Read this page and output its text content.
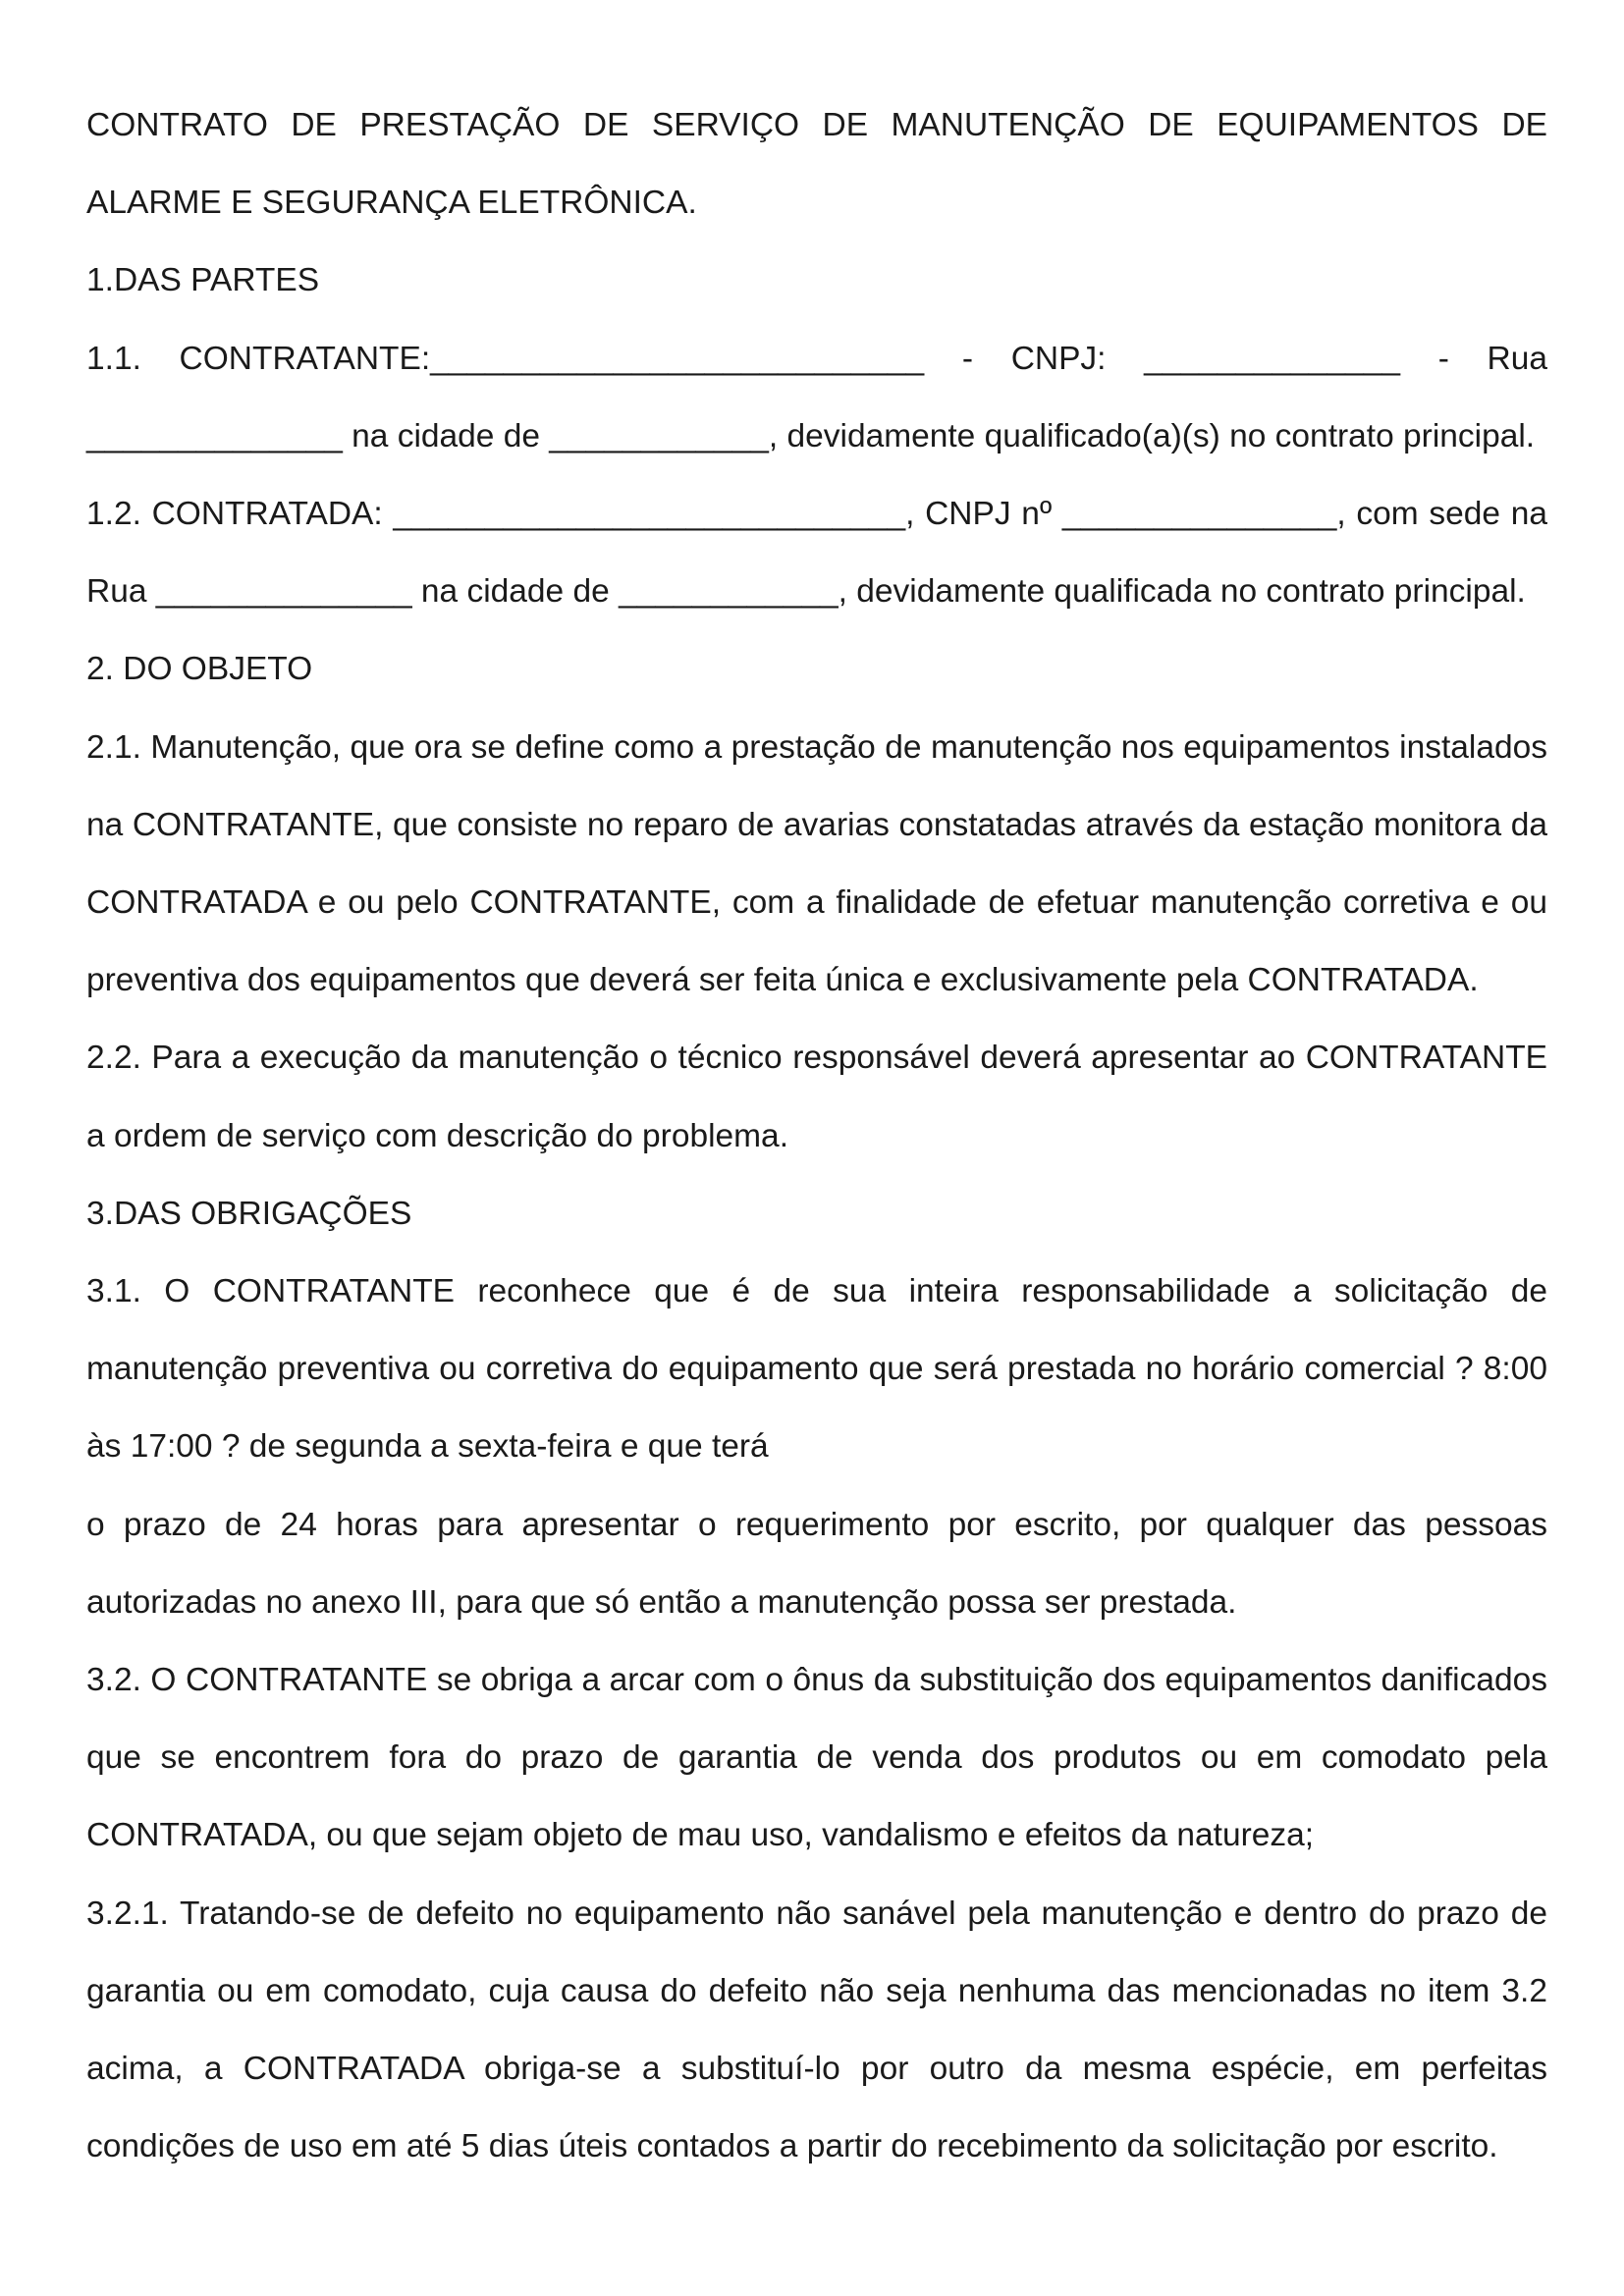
CONTRATO DE PRESTAÇÃO DE SERVIÇO DE MANUTENÇÃO DE EQUIPAMENTOS DE ALARME E SEGURANÇA ELETRÔNICA.

1.DAS PARTES

1.1.    CONTRATANTE:___________________________    -    CNPJ:    ______________    -    Rua ______________ na cidade de ____________, devidamente qualificado(a)(s) no contrato principal.

1.2. CONTRATADA: ____________________________, CNPJ nº _______________, com sede na Rua ______________ na cidade de ____________, devidamente qualificada no contrato principal.

2. DO OBJETO

2.1. Manutenção, que ora se define como a prestação de manutenção nos equipamentos instalados na CONTRATANTE, que consiste no reparo de avarias constatadas através da estação monitora da CONTRATADA e ou pelo CONTRATANTE, com a finalidade de efetuar manutenção corretiva e ou preventiva dos equipamentos que deverá ser feita única e exclusivamente pela CONTRATADA.

2.2. Para a execução da manutenção o técnico responsável deverá apresentar ao CONTRATANTE a ordem de serviço com descrição do problema.

3.DAS OBRIGAÇÕES

3.1. O CONTRATANTE reconhece que é de sua inteira responsabilidade a solicitação de manutenção preventiva ou corretiva do equipamento que será prestada no horário comercial ? 8:00 às 17:00 ? de segunda a sexta-feira e que terá

o prazo de 24 horas para apresentar o requerimento por escrito, por qualquer das pessoas autorizadas no anexo III, para que só então a manutenção possa ser prestada.

3.2. O CONTRATANTE se obriga a arcar com o ônus da substituição dos equipamentos danificados que se encontrem fora do prazo de garantia de venda dos produtos ou em comodato pela CONTRATADA, ou que sejam objeto de mau uso, vandalismo e efeitos da natureza;

3.2.1. Tratando-se de defeito no equipamento não sanável pela manutenção e dentro do prazo de garantia ou em comodato, cuja causa do defeito não seja nenhuma das mencionadas no item 3.2 acima, a CONTRATADA obriga-se a substituí-lo por outro da mesma espécie, em perfeitas condições de uso em até 5 dias úteis contados a partir do recebimento da solicitação por escrito.
